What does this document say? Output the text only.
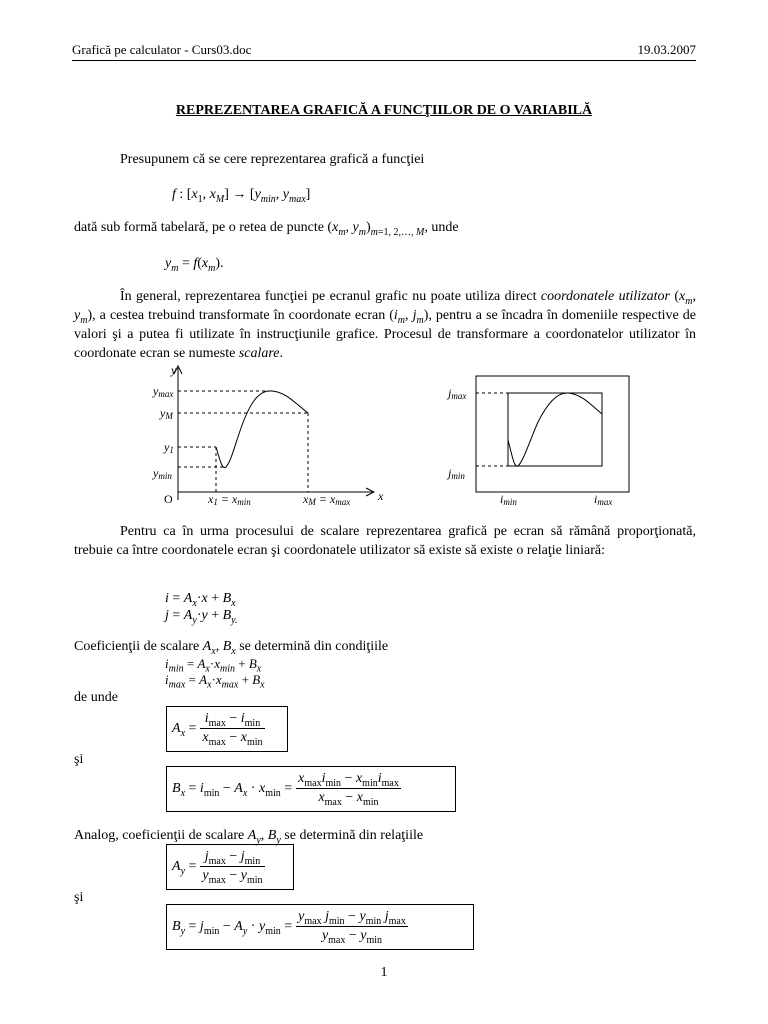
Grafică pe calculator - Curs03.doc	19.03.2007
REPREZENTAREA GRAFICĂ A FUNCŢIILOR DE O VARIABILĂ
Presupunem că se cere reprezentarea grafică a funcţiei
f : [$x_1$, $x_M] \to [y_{min}$, $y_{max}$]
dată sub formă tabelară, pe o retea de puncte ($x_m$, $y_m)_{m=1, 2,\dots, M}$, unde
$y_m = f(x_m)$.

În general, reprezentarea funcţiei pe ecranul grafic nu poate utiliza direct coordonatele utilizator ($x_m$, $y_m$), a cestea trebuind transformate în coordonate ecran ($i_m$, $j_m$), pentru a se încadra în domeniile respective de valori şi a putea fi utilizate în instrucţiunile grafice. Procesul de transformare a coordonatelor utilizator în coordonate ecran se numeste scalare.

y
ymax
yM
y1
ymin
O	x1 = xmin	xM = xmax x
jmax
jmin
imin	imax

Pentru ca în urma procesului de scalare reprezentarea grafică pe ecran să rămână proporţionată, trebuie ca între coordonatele ecran şi coordonatele utilizator să existe să existe o relaţie liniară:

$i = A_x\cdot x + B_x$
$j = A_y\cdot y + B_{y.}$
Coeficienţii de scalare $A_x$, $B_x$ se determină din condiţiile
$i_{min} = A_x\cdot x_{min} + B_x$
$i_{max} = A_x\cdot x_{max} + B_x$
de unde
$A_x = \frac{i_{max} - i_{min}}{x_{max} - x_{min}}$
şi
$B_x = i_{min} - A_x \cdot x_{min} = \frac{x_{max}i_{min} - x_{min}i_{max}}{x_{max} - x_{min}}$
Analog, coeficienţii de scalare $A_y$, $B_y$ se determină din relaţiile
$A_y = \frac{j_{max} - j_{min}}{y_{max} - y_{min}}$
şi
$B_y = j_{min} - A_y \cdot y_{min} = \frac{y_{max} j_{min} - y_{min} j_{max}}{y_{max} - y_{min}}$
1
